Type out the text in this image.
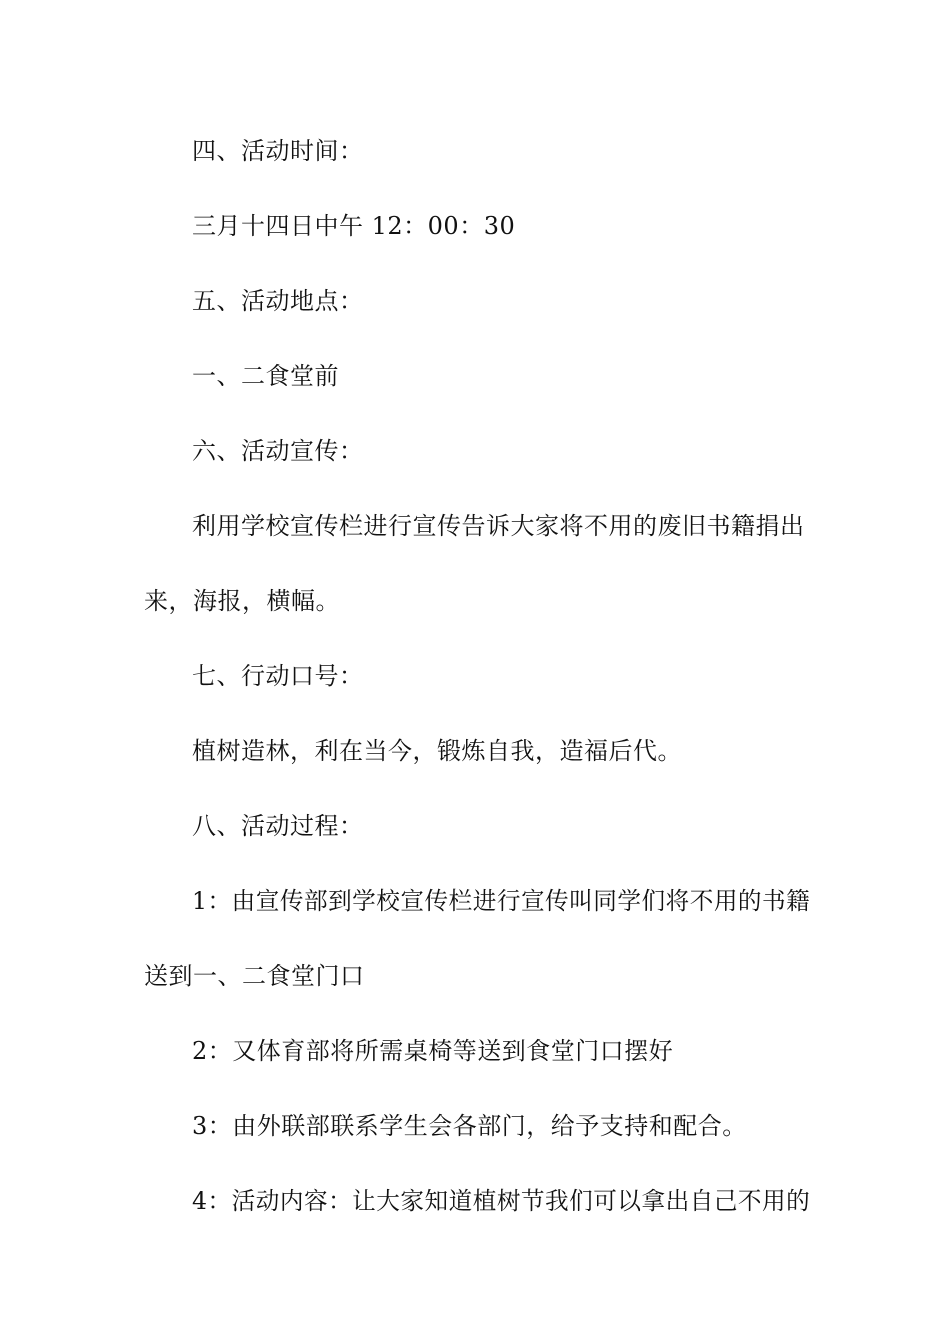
四、活动时间：

三月十四日中午 12：00：30

五、活动地点：

一、二食堂前

六、活动宣传：

利用学校宣传栏进行宣传告诉大家将不用的废旧书籍捐出

来，海报，横幅。

七、行动口号：

植树造林，利在当今，锻炼自我，造福后代。

八、活动过程：

1：由宣传部到学校宣传栏进行宣传叫同学们将不用的书籍

送到一、二食堂门口

2：又体育部将所需桌椅等送到食堂门口摆好

3：由外联部联系学生会各部门，给予支持和配合。

4：活动内容：让大家知道植树节我们可以拿出自己不用的
